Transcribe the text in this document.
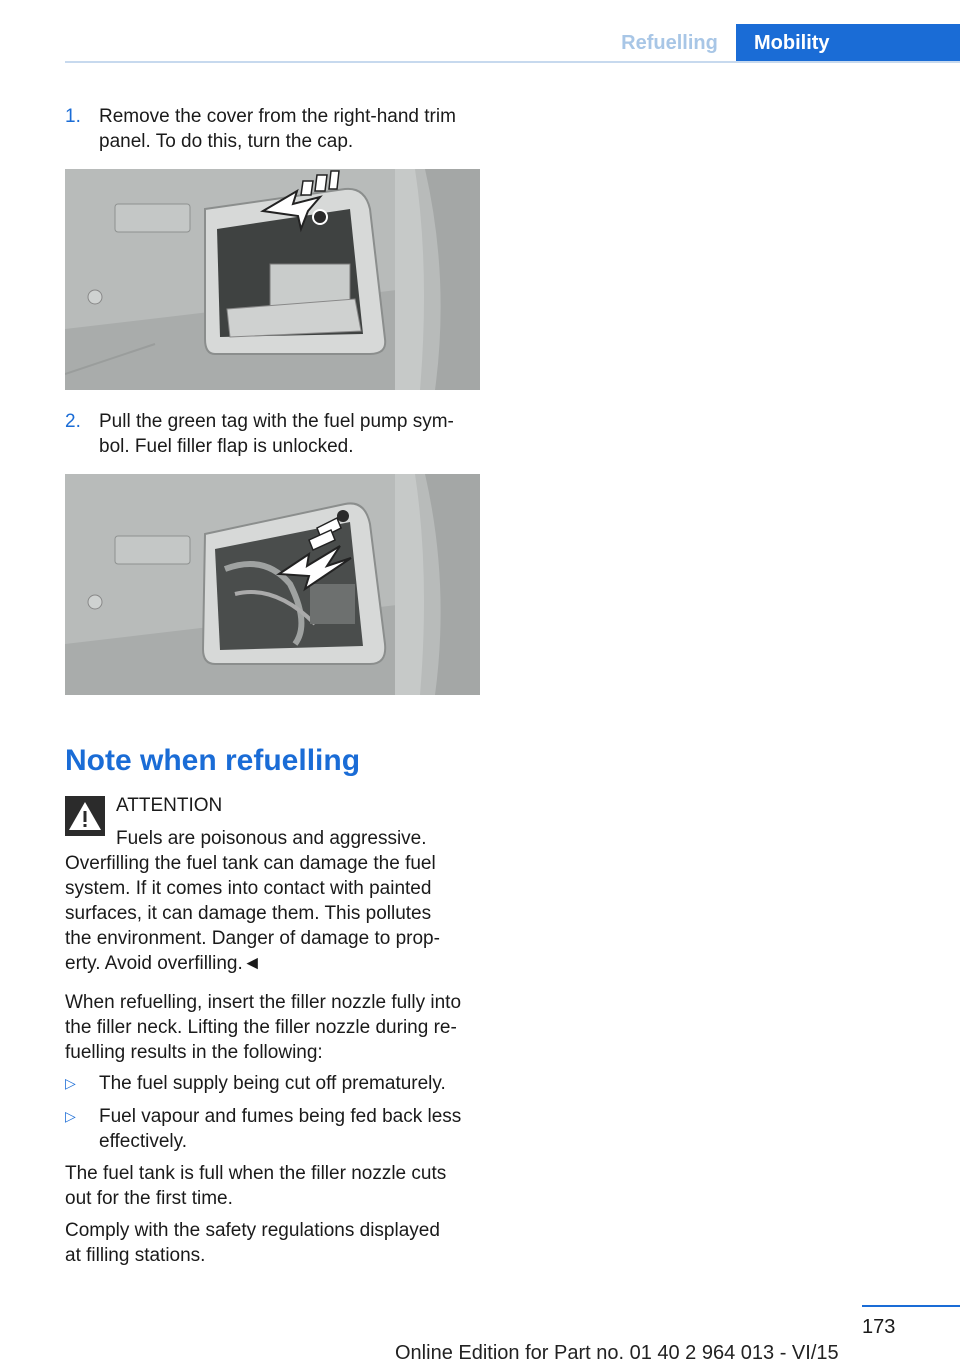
Refuelling	Mobility
1. Remove the cover from the right-hand trim
panel. To do this, turn the cap.
2. Pull the green tag with the fuel pump sym-
bol. Fuel filler flap is unlocked.
Note when refuelling
ATTENTION
Fuels are poisonous and aggressive.
Overfilling the fuel tank can damage the fuel
system. If it comes into contact with painted
surfaces, it can damage them. This pollutes
the environment. Danger of damage to prop-
erty. Avoid overfilling.◄

When refuelling, insert the filler nozzle fully into
the filler neck. Lifting the filler nozzle during re-
fuelling results in the following:

▷ The fuel supply being cut off prematurely.
▷ Fuel vapour and fumes being fed back less
effectively.

The fuel tank is full when the filler nozzle cuts
out for the first time.

Comply with the safety regulations displayed
at filling stations.

173
Online Edition for Part no. 01 40 2 964 013 - VI/15
